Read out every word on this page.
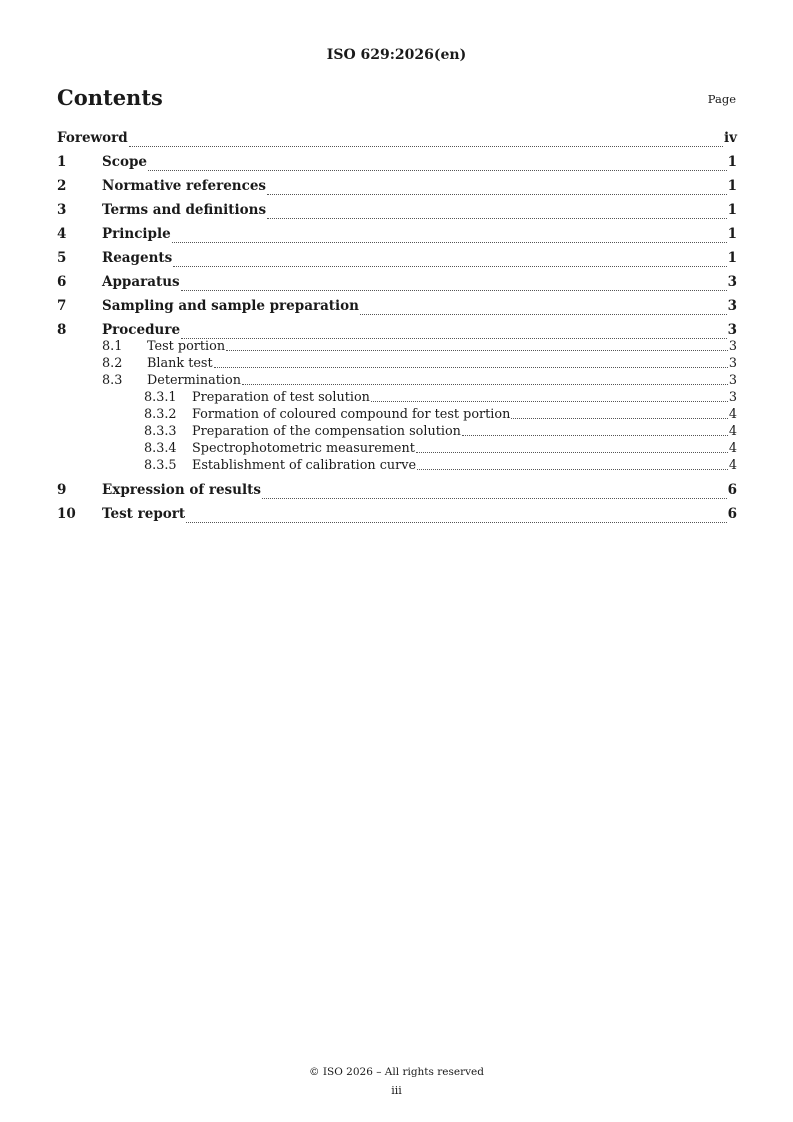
ISO 629:2026(en)
Contents	Page
Foreword	iv
1	Scope	1
2	Normative references	1
3	Terms and definitions	1
4	Principle	1
5	Reagents	1
6	Apparatus	3
7	Sampling and sample preparation	3
8	Procedure	3
8.1	Test portion	3
8.2	Blank test	3
8.3	Determination	3
8.3.1	Preparation of test solution	3
8.3.2	Formation of coloured compound for test portion	4
8.3.3	Preparation of the compensation solution	4
8.3.4	Spectrophotometric measurement	4
8.3.5	Establishment of calibration curve	4
9	Expression of results	6
10	Test report	6
© ISO 2026 – All rights reserved
iii
